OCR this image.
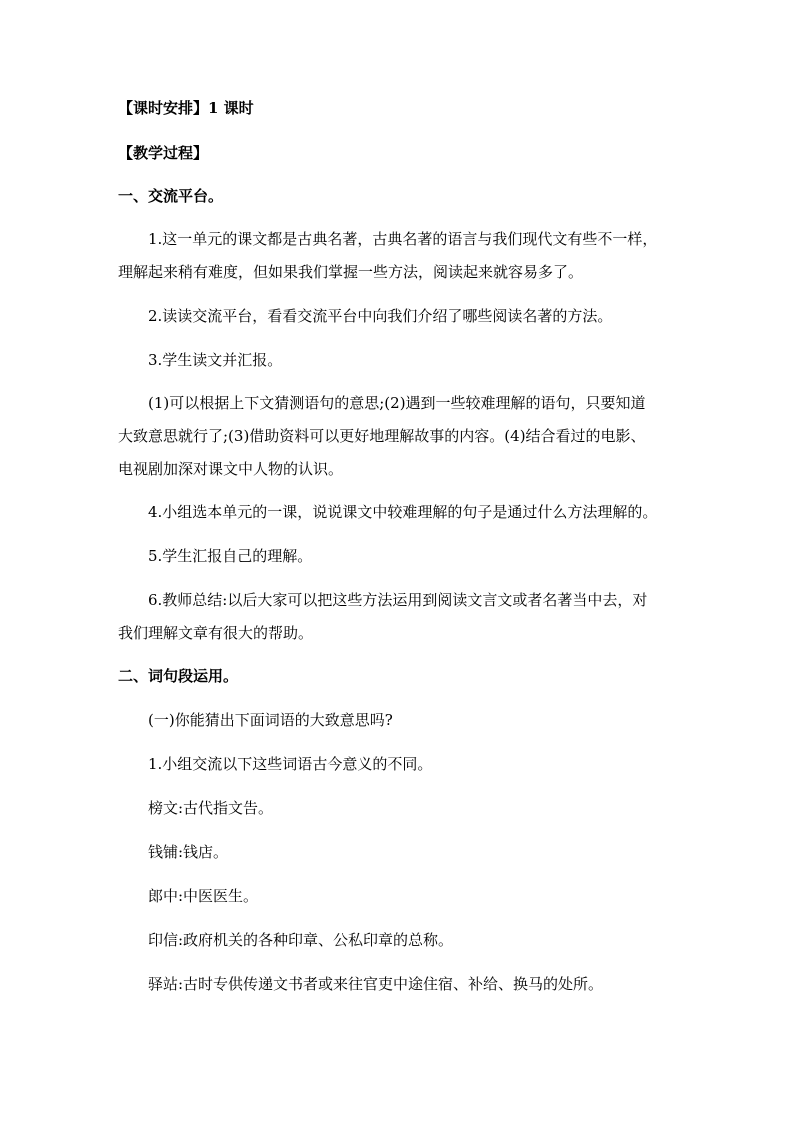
【课时安排】1 课时
【教学过程】
一、交流平台。
1.这一单元的课文都是古典名著，古典名著的语言与我们现代文有些不一样，
理解起来稍有难度，但如果我们掌握一些方法，阅读起来就容易多了。
2.读读交流平台，看看交流平台中向我们介绍了哪些阅读名著的方法。
3.学生读文并汇报。
(1)可以根据上下文猜测语句的意思;(2)遇到一些较难理解的语句，只要知道
大致意思就行了;(3)借助资料可以更好地理解故事的内容。(4)结合看过的电影、
电视剧加深对课文中人物的认识。
4.小组选本单元的一课，说说课文中较难理解的句子是通过什么方法理解的。
5.学生汇报自己的理解。
6.教师总结:以后大家可以把这些方法运用到阅读文言文或者名著当中去，对
我们理解文章有很大的帮助。
二、词句段运用。
(一)你能猜出下面词语的大致意思吗?
1.小组交流以下这些词语古今意义的不同。
榜文:古代指文告。
钱铺:钱店。
郎中:中医医生。
印信:政府机关的各种印章、公私印章的总称。
驿站:古时专供传递文书者或来往官吏中途住宿、补给、换马的处所。
